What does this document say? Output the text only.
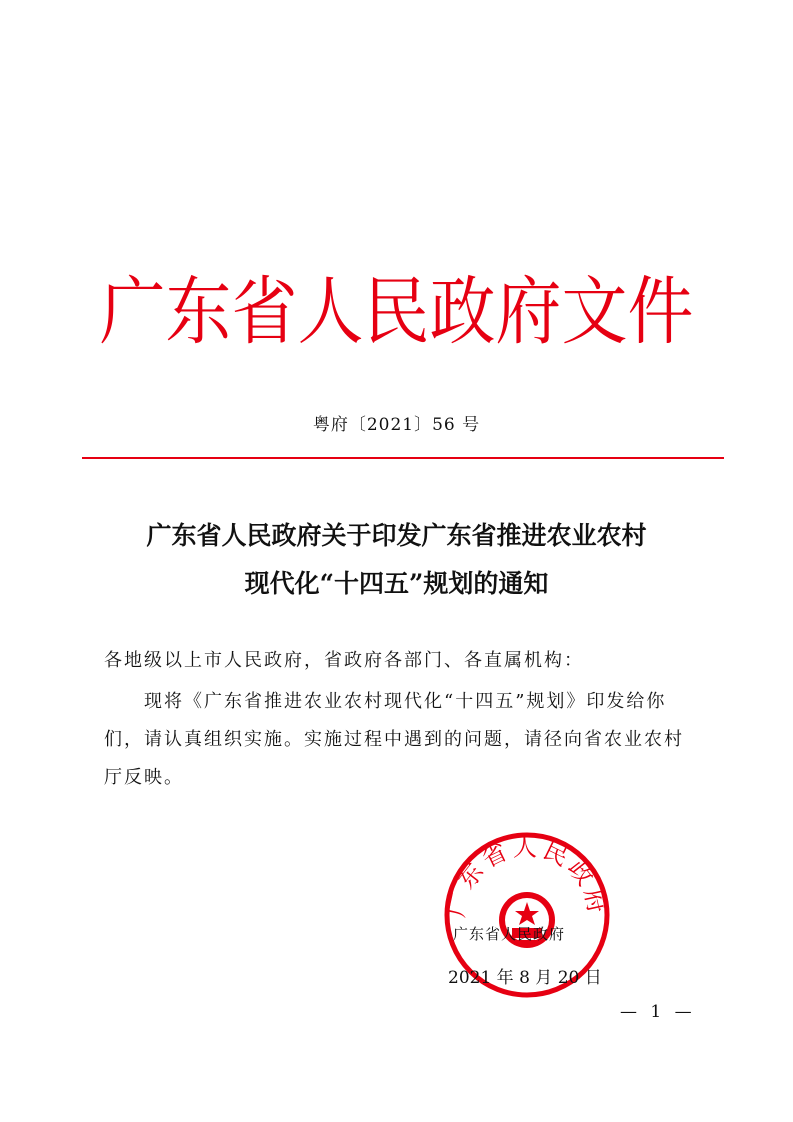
广东省人民政府文件
粤府〔2021〕56 号
广东省人民政府关于印发广东省推进农业农村
现代化“十四五”规划的通知
各地级以上市人民政府，省政府各部门、各直属机构：
现将《广东省推进农业农村现代化“十四五”规划》印发给你们，请认真组织实施。实施过程中遇到的问题，请径向省农业农村厅反映。
广东省人民政府
广东省人民政府
2021 年 8 月 20 日
— 1 —
